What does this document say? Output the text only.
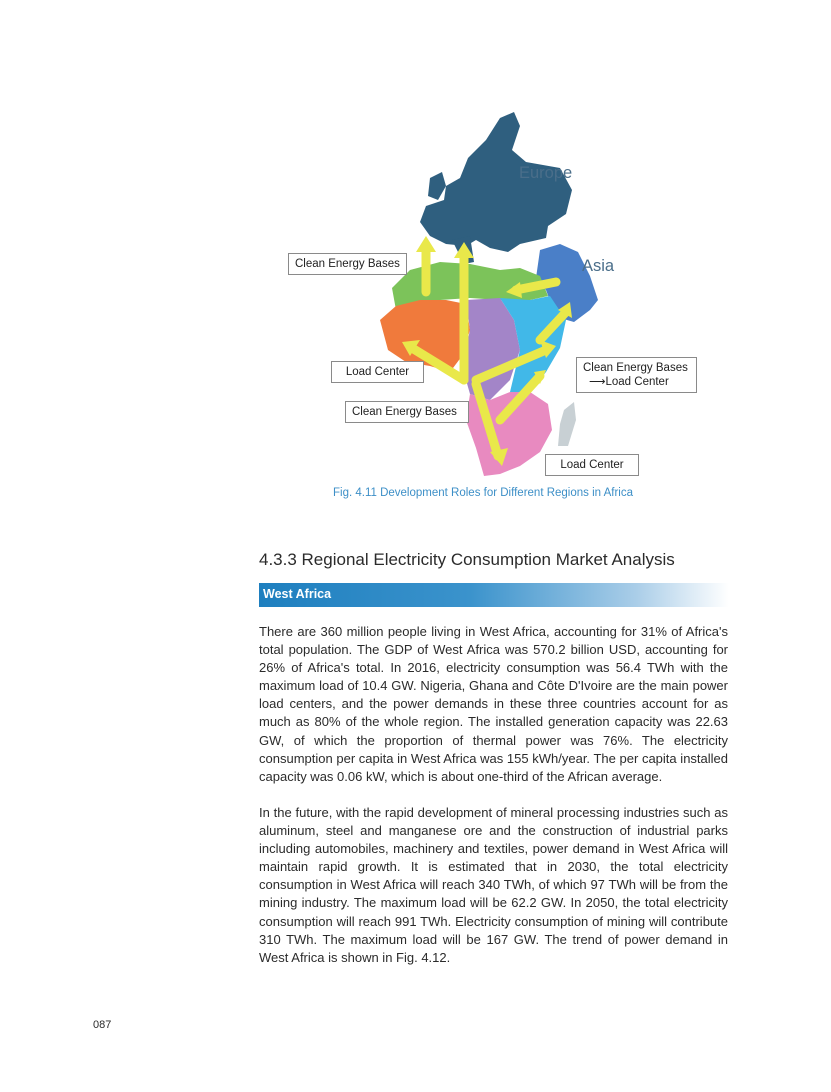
Europe
Asia
Clean Energy Bases
Load Center	Clean Energy Bases
⟶Load Center
Clean Energy Bases
Load Center
Fig. 4.11 Development Roles for Different Regions in Africa
4.3.3 Regional Electricity Consumption Market Analysis
West Africa

There are 360 million people living in West Africa, accounting for 31% of Africa's total population. The GDP of West Africa was 570.2 billion USD, accounting for 26% of Africa's total. In 2016, electricity consumption was 56.4 TWh with the maximum load of 10.4 GW. Nigeria, Ghana and Côte D'Ivoire are the main power load centers, and the power demands in these three countries account for as much as 80% of the whole region. The installed generation capacity was 22.63 GW, of which the proportion of thermal power was 76%. The electricity consumption per capita in West Africa was 155 kWh/year. The per capita installed capacity was 0.06 kW, which is about one-third of the African average.

In the future, with the rapid development of mineral processing industries such as aluminum, steel and manganese ore and the construction of industrial parks including automobiles, machinery and textiles, power demand in West Africa will maintain rapid growth. It is estimated that in 2030, the total electricity consumption in West Africa will reach 340 TWh, of which 97 TWh will be from the mining industry. The maximum load will be 62.2 GW. In 2050, the total electricity consumption will reach 991 TWh. Electricity consumption of mining will contribute 310 TWh. The maximum load will be 167 GW. The trend of power demand in West Africa is shown in Fig. 4.12.

087
